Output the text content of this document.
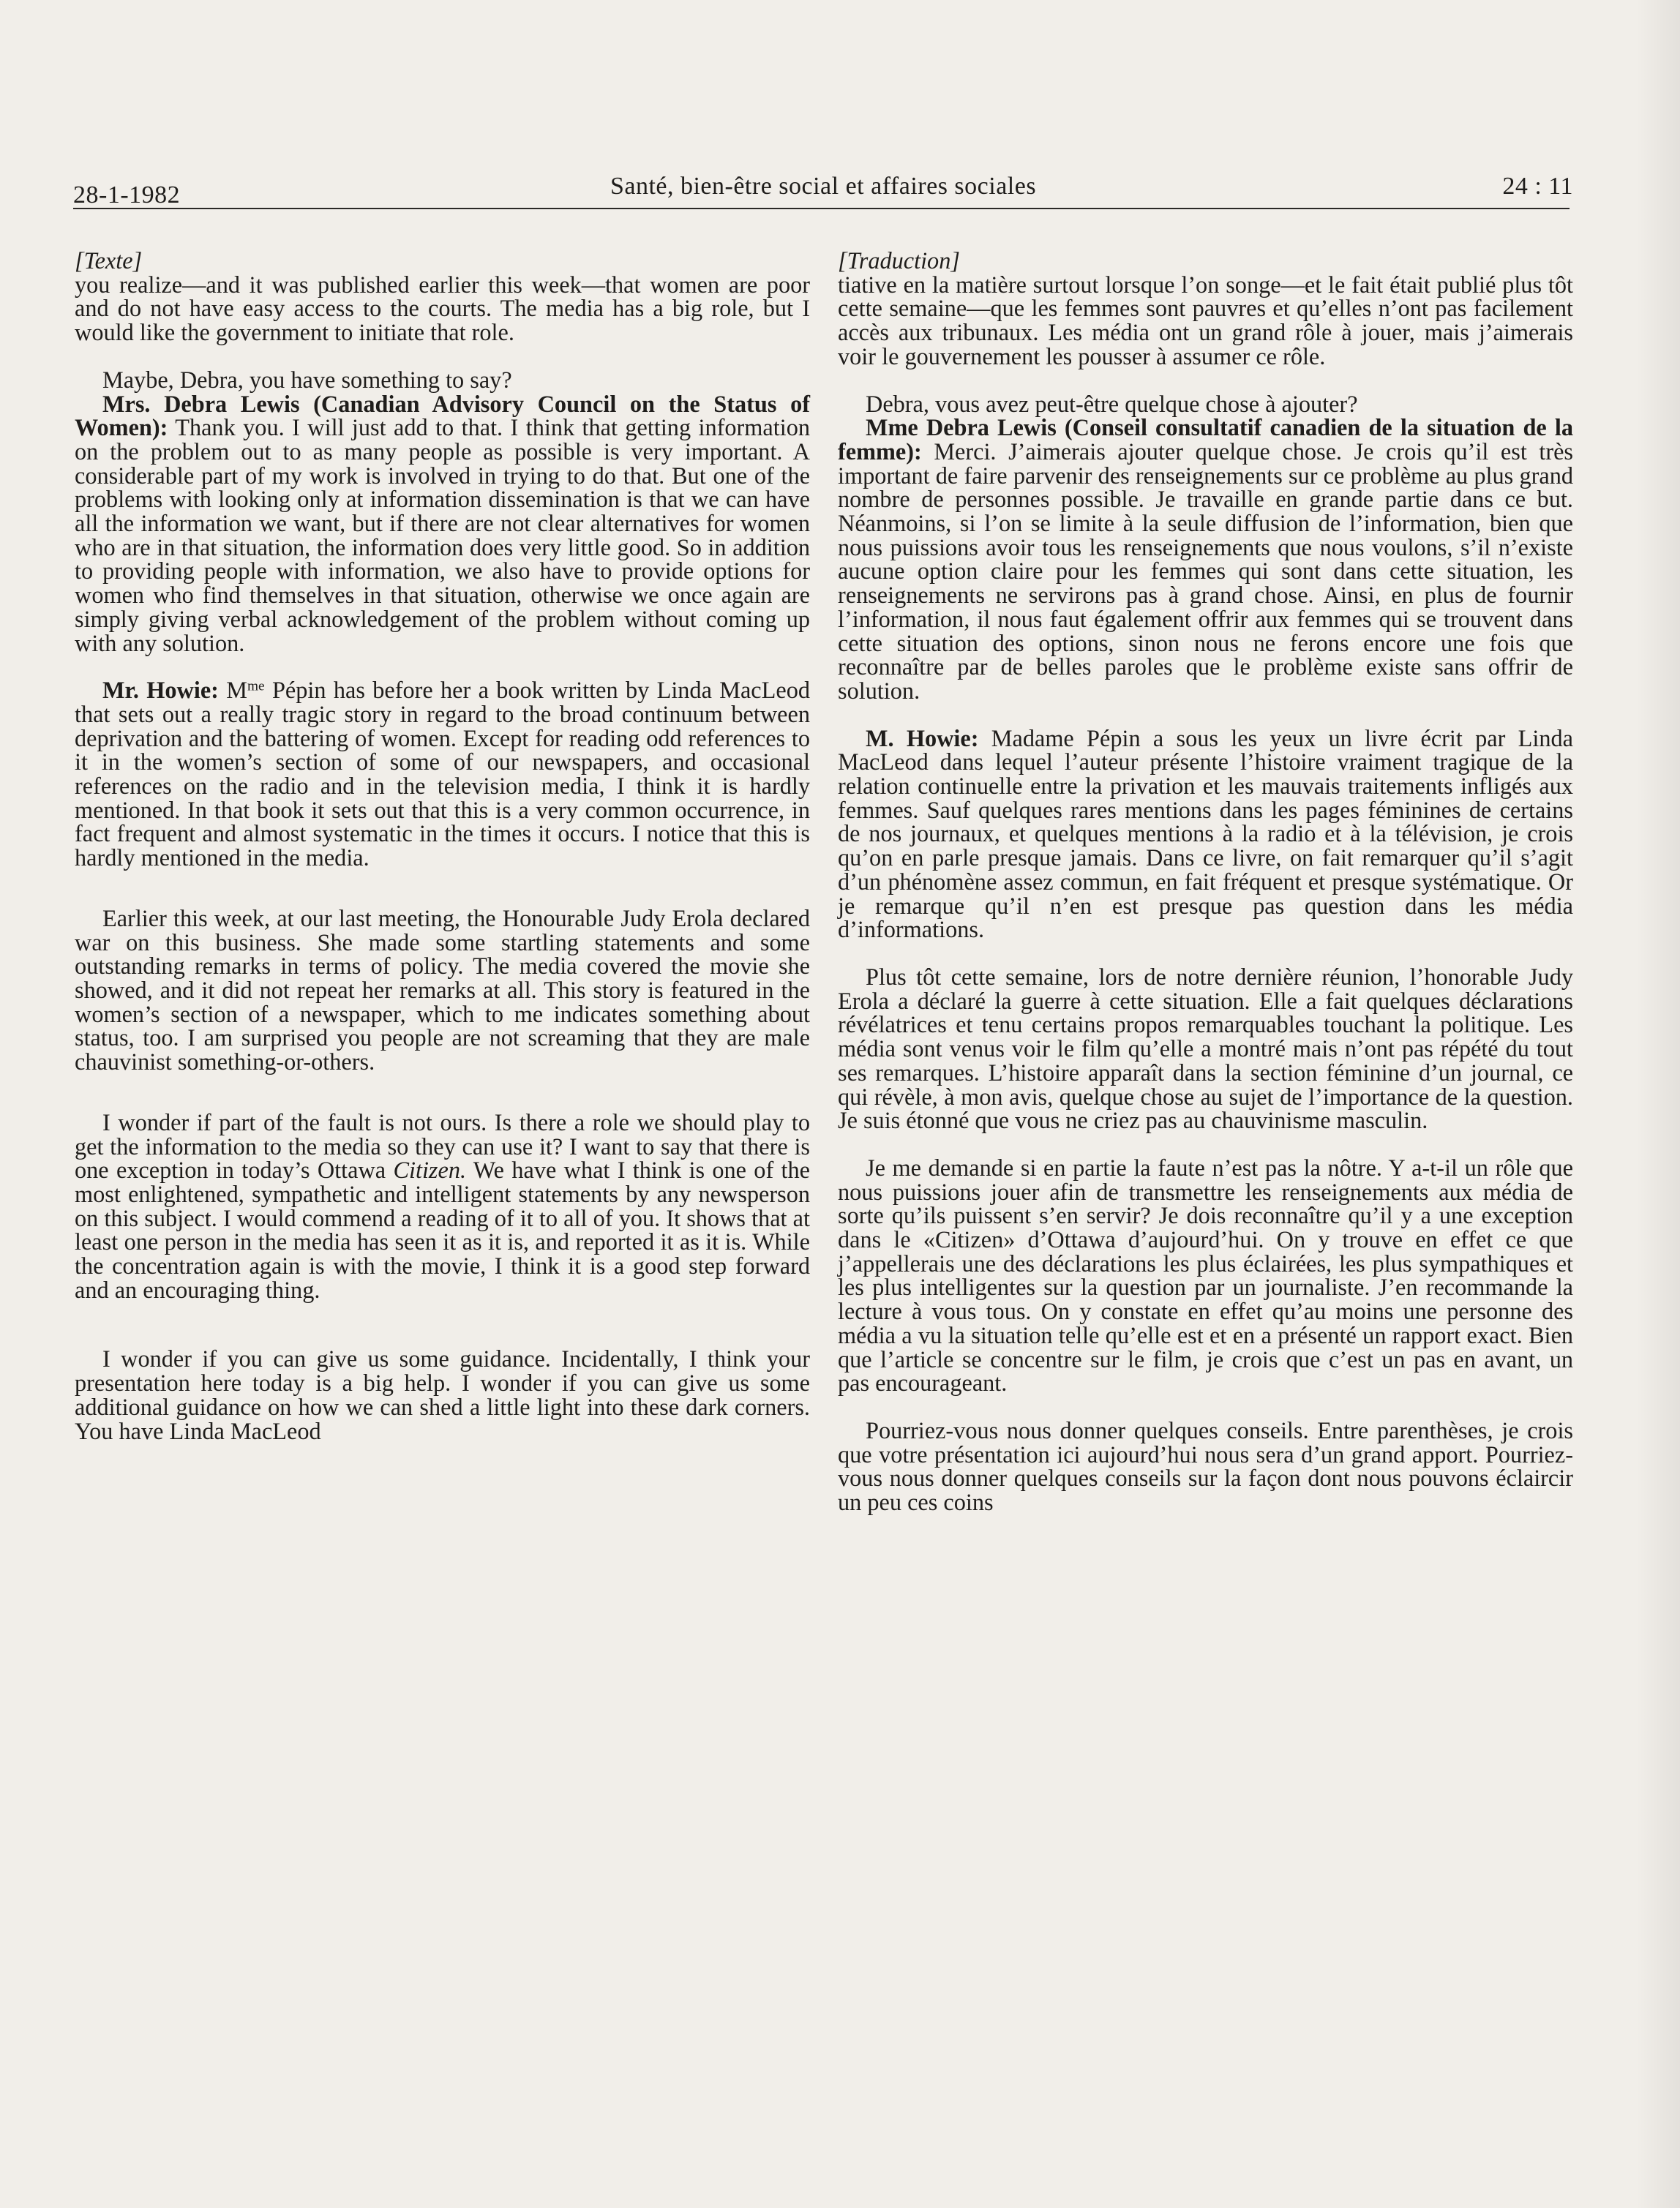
28-1-1982	Santé, bien-être social et affaires sociales	24 : 11

[ Texte ]

you realize—and it was published earlier this week—that women are poor and do not have easy access to the courts. The media has a big role, but I would like the government to initiate that role.

Maybe, Debra, you have something to say?

Mrs. Debra Lewis (Canadian Advisory Council on the Status of Women): Thank you. I will just add to that. I think that getting information on the problem out to as many people as possible is very important. A considerable part of my work is involved in trying to do that. But one of the problems with looking only at information dissemination is that we can have all the information we want, but if there are not clear alternatives for women who are in that situation, the information does very little good. So in addition to providing people with information, we also have to provide options for women who find themselves in that situation, otherwise we once again are simply giving verbal acknowledgement of the problem without coming up with any solution.

Mr. Howie: $M^{me}$ Pépin has before her a book written by Linda MacLeod that sets out a really tragic story in regard to the broad continuum between deprivation and the battering of women. Except for reading odd references to it in the women’s section of some of our newspapers, and occasional references on the radio and in the television media, I think it is hardly mentioned. In that book it sets out that this is a very common occurrence, in fact frequent and almost systematic in the times it occurs. I notice that this is hardly mentioned in the media.

Earlier this week, at our last meeting, the Honourable Judy Erola declared war on this business. She made some startling statements and some outstanding remarks in terms of policy. The media covered the movie she showed, and it did not repeat her remarks at all. This story is featured in the women’s section of a newspaper, which to me indicates something about status, too. I am surprised you people are not screaming that they are male chauvinist something-or-others.

I wonder if part of the fault is not ours. Is there a role we should play to get the information to the media so they can use it? I want to say that there is one exception in today’s Ottawa Citizen. We have what I think is one of the most enlightened, sympathetic and intelligent statements by any newsperson on this subject. I would commend a reading of it to all of you. It shows that at least one person in the media has seen it as it is, and reported it as it is. While the concentration again is with the movie, I think it is a good step forward and an encouraging thing.

I wonder if you can give us some guidance. Incidentally, I think your presentation here today is a big help. I wonder if you can give us some additional guidance on how we can shed a little light into these dark corners. You have Linda MacLeod

[ Traduction ]

tiative en la matière surtout lorsque l’on songe—et le fait était publié plus tôt cette semaine—que les femmes sont pauvres et qu’elles n’ont pas facilement accès aux tribunaux. Les média ont un grand rôle à jouer, mais j’aimerais voir le gouvernement les pousser à assumer ce rôle.

Debra, vous avez peut-être quelque chose à ajouter?

Mme Debra Lewis (Conseil consultatif canadien de la situation de la femme): Merci. J’aimerais ajouter quelque chose. Je crois qu’il est très important de faire parvenir des renseignements sur ce problème au plus grand nombre de personnes possible. Je travaille en grande partie dans ce but. Néanmoins, si l’on se limite à la seule diffusion de l’information, bien que nous puissions avoir tous les renseignements que nous voulons, s’il n’existe aucune option claire pour les femmes qui sont dans cette situation, les renseignements ne servirons pas à grand chose. Ainsi, en plus de fournir l’information, il nous faut également offrir aux femmes qui se trouvent dans cette situation des options, sinon nous ne ferons encore une fois que reconnaître par de belles paroles que le problème existe sans offrir de solution.

M. Howie: Madame Pépin a sous les yeux un livre écrit par Linda MacLeod dans lequel l’auteur présente l’histoire vraiment tragique de la relation continuelle entre la privation et les mauvais traitements infligés aux femmes. Sauf quelques rares mentions dans les pages féminines de certains de nos journaux, et quelques mentions à la radio et à la télévision, je crois qu’on en parle presque jamais. Dans ce livre, on fait remarquer qu’il s’agit d’un phénomène assez commun, en fait fréquent et presque systématique. Or je remarque qu’il n’en est presque pas question dans les média d’informations.

Plus tôt cette semaine, lors de notre dernière réunion, l’honorable Judy Erola a déclaré la guerre à cette situation. Elle a fait quelques déclarations révélatrices et tenu certains propos remarquables touchant la politique. Les média sont venus voir le film qu’elle a montré mais n’ont pas répété du tout ses remarques. L’histoire apparaît dans la section féminine d’un journal, ce qui révèle, à mon avis, quelque chose au sujet de l’importance de la question. Je suis étonné que vous ne criez pas au chauvinisme masculin.

Je me demande si en partie la faute n’est pas la nôtre. Y a-t-il un rôle que nous puissions jouer afin de transmettre les renseignements aux média de sorte qu’ils puissent s’en servir? Je dois reconnaître qu’il y a une exception dans le «Citizen» d’Ottawa d’aujourd’hui. On y trouve en effet ce que j’appellerais une des déclarations les plus éclairées, les plus sympathiques et les plus intelligentes sur la question par un journaliste. J’en recommande la lecture à vous tous. On y constate en effet qu’au moins une personne des média a vu la situation telle qu’elle est et en a présenté un rapport exact. Bien que l’article se concentre sur le film, je crois que c’est un pas en avant, un pas encourageant.

Pourriez-vous nous donner quelques conseils. Entre parenthèses, je crois que votre présentation ici aujourd’hui nous sera d’un grand apport. Pourriez-vous nous donner quelques conseils sur la façon dont nous pouvons éclaircir un peu ces coins
